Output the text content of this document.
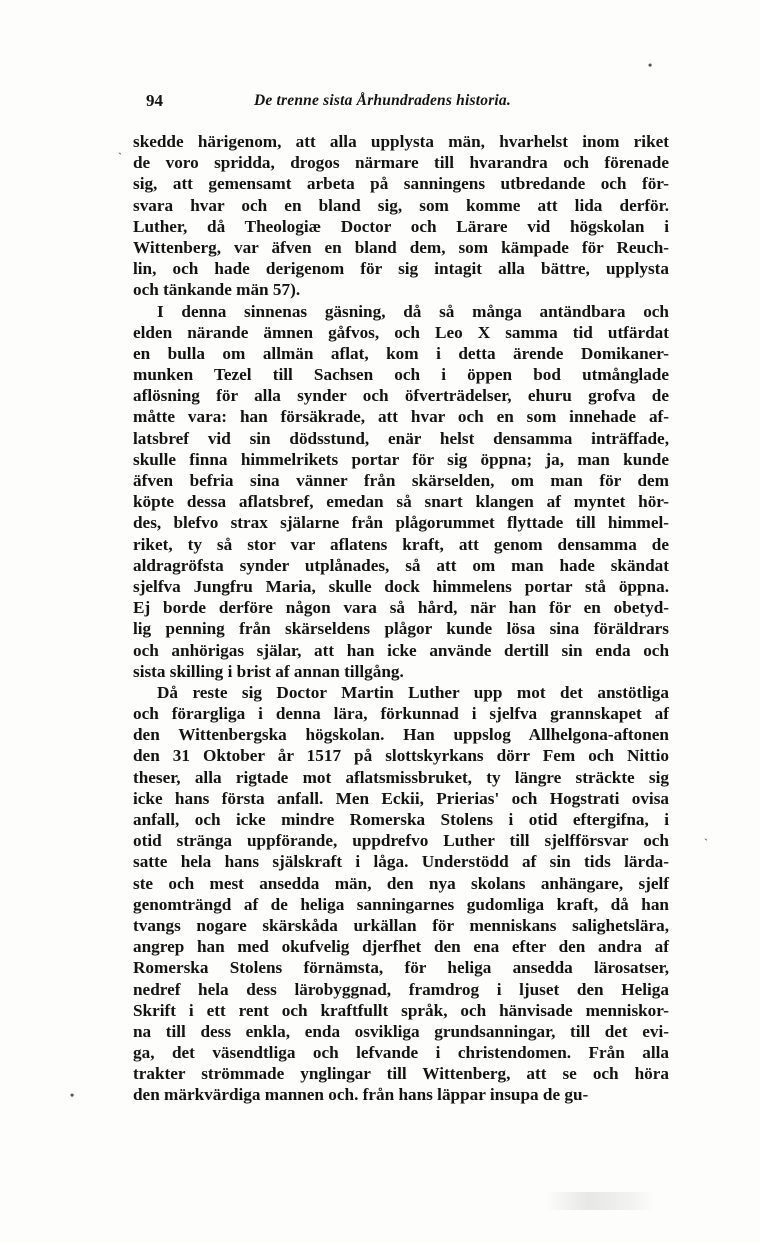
94	De trenne sista Århundradens historia.
skedde härigenom, att alla upplysta män, hvarhelst inom riket
de voro spridda, drogos närmare till hvarandra och förenade
sig, att gemensamt arbeta på sanningens utbredande och för-
svara hvar och en bland sig, som komme att lida derför.
Luther, då Theologiæ Doctor och Lärare vid högskolan i
Wittenberg, var äfven en bland dem, som kämpade för Reuch-
lin, och hade derigenom för sig intagit alla bättre, upplysta
och tänkande män 57).
I denna sinnenas gäsning, då så många antändbara och
elden närande ämnen gåfvos, och Leo X samma tid utfärdat
en bulla om allmän aflat, kom i detta ärende Domikaner-
munken Tezel till Sachsen och i öppen bod utmånglade
aflösning för alla synder och öfverträdelser, ehuru grofva de
måtte vara: han försäkrade, att hvar och en som innehade af-
latsbref vid sin dödsstund, enär helst densamma inträffade,
skulle finna himmelrikets portar för sig öppna; ja, man kunde
äfven befria sina vänner från skärselden, om man för dem
köpte dessa aflatsbref, emedan så snart klangen af myntet hör-
des, blefvo strax själarne från plågorummet flyttade till himmel-
riket, ty så stor var aflatens kraft, att genom densamma de
aldragröfsta synder utplånades, så att om man hade skändat
sjelfva Jungfru Maria, skulle dock himmelens portar stå öppna.
Ej borde derföre någon vara så hård, när han för en obetyd-
lig penning från skärseldens plågor kunde lösa sina föräldrars
och anhörigas själar, att han icke använde dertill sin enda och
sista skilling i brist af annan tillgång.
Då reste sig Doctor Martin Luther upp mot det anstötliga
och förargliga i denna lära, förkunnad i sjelfva grannskapet af
den Wittenbergska högskolan. Han uppslog Allhelgona-aftonen
den 31 Oktober år 1517 på slottskyrkans dörr Fem och Nittio
theser, alla rigtade mot aflatsmissbruket, ty längre sträckte sig
icke hans första anfall. Men Eckii, Prierias' och Hogstrati ovisa
anfall, och icke mindre Romerska Stolens i otid eftergifna, i
otid stränga uppförande, uppdrefvo Luther till sjelfförsvar och
satte hela hans själskraft i låga. Understödd af sin tids lärda-
ste och mest ansedda män, den nya skolans anhängare, sjelf
genomträngd af de heliga sanningarnes gudomliga kraft, då han
tvangs nogare skärskåda urkällan för menniskans salighetslära,
angrep han med okufvelig djerfhet den ena efter den andra af
Romerska Stolens förnämsta, för heliga ansedda lärosatser,
nedref hela dess lärobyggnad, framdrog i ljuset den Heliga
Skrift i ett rent och kraftfullt språk, och hänvisade menniskor-
na till dess enkla, enda osvikliga grundsanningar, till det evi-
ga, det väsendtliga och lefvande i christendomen. Från alla
trakter strömmade ynglingar till Wittenberg, att se och höra
den märkvärdiga mannen och. från hans läppar insupa de gu-
`
•
`
•
